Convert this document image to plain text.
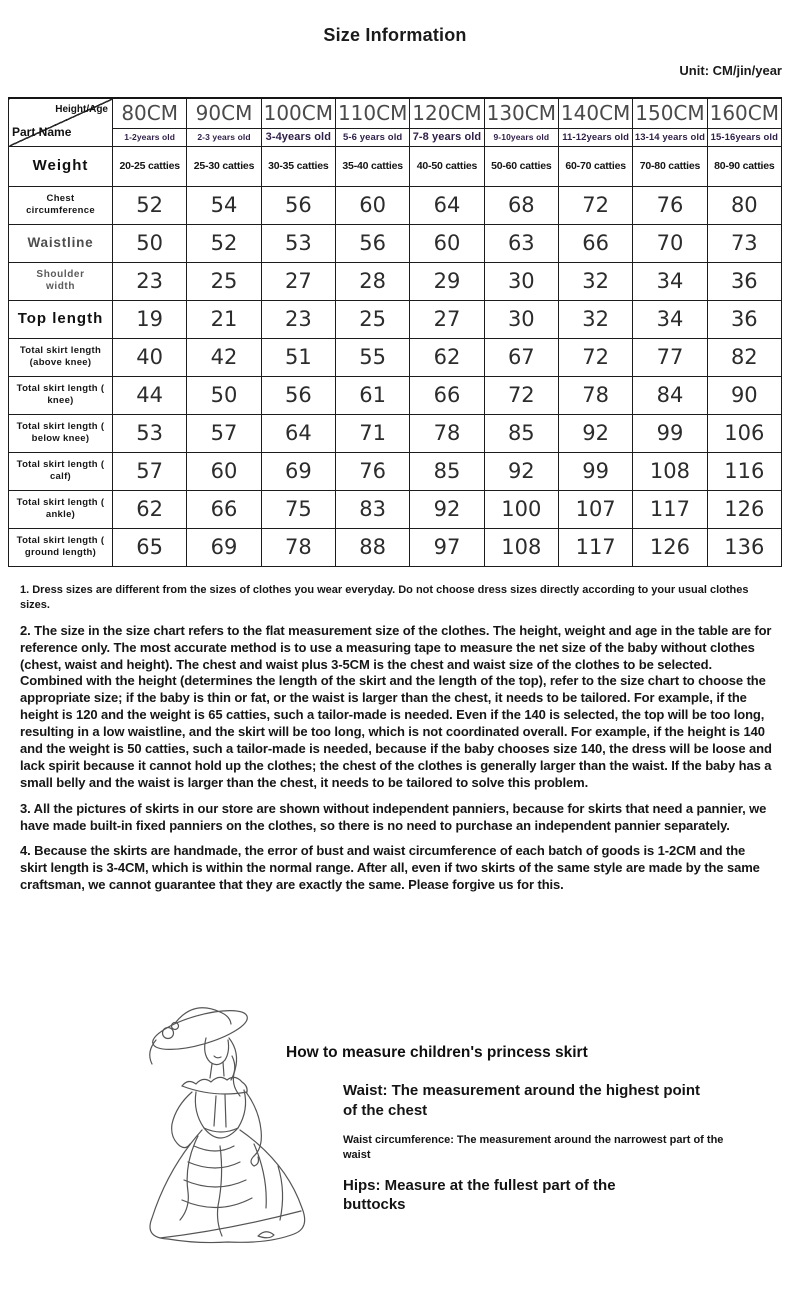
Size Information
Unit: CM/jin/year
Height/Age
Part Name	80CM	90CM	100CM	110CM	120CM	130CM	140CM	150CM	160CM
	1-2years old	2-3 years old	3-4years old	5-6 years old	7-8 years old	9-10years old	11-12years old	13-14 years old	15-16years old
Weight	20-25 catties	25-30 catties	30-35 catties	35-40 catties	40-50 catties	50-60 catties	60-70 catties	70-80 catties	80-90 catties
Chest
circumference	52	54	56	60	64	68	72	76	80
Waistline	50	52	53	56	60	63	66	70	73
Shoulder
width	23	25	27	28	29	30	32	34	36
Top length	19	21	23	25	27	30	32	34	36
Total skirt length
(above knee)	40	42	51	55	62	67	72	77	82
Total skirt length (
knee)	44	50	56	61	66	72	78	84	90
Total skirt length (
below knee)	53	57	64	71	78	85	92	99	106
Total skirt length (
calf)	57	60	69	76	85	92	99	108	116
Total skirt length (
ankle)	62	66	75	83	92	100	107	117	126
Total skirt length (
ground length)	65	69	78	88	97	108	117	126	136

1. Dress sizes are different from the sizes of clothes you wear everyday. Do not choose dress sizes directly according to your usual clothes sizes.

2. The size in the size chart refers to the flat measurement size of the clothes. The height, weight and age in the table are for reference only. The most accurate method is to use a measuring tape to measure the net size of the baby without clothes (chest, waist and height). The chest and waist plus 3-5CM is the chest and waist size of the clothes to be selected. Combined with the height (determines the length of the skirt and the length of the top), refer to the size chart to choose the appropriate size; if the baby is thin or fat, or the waist is larger than the chest, it needs to be tailored. For example, if the height is 120 and the weight is 65 catties, such a tailor-made is needed. Even if the 140 is selected, the top will be too long, resulting in a low waistline, and the skirt will be too long, which is not coordinated overall. For example, if the height is 140 and the weight is 50 catties, such a tailor-made is needed, because if the baby chooses size 140, the dress will be loose and lack spirit because it cannot hold up the clothes; the chest of the clothes is generally larger than the waist. If the baby has a small belly and the waist is larger than the chest, it needs to be tailored to solve this problem.

3. All the pictures of skirts in our store are shown without independent panniers, because for skirts that need a pannier, we have made built-in fixed panniers on the clothes, so there is no need to purchase an independent pannier separately.

4. Because the skirts are handmade, the error of bust and waist circumference of each batch of goods is 1-2CM and the skirt length is 3-4CM, which is within the normal range. After all, even if two skirts of the same style are made by the same craftsman, we cannot guarantee that they are exactly the same. Please forgive us for this.

How to measure children's princess skirt
Waist: The measurement around the highest point of the chest
Waist circumference: The measurement around the narrowest part of the waist
Hips: Measure at the fullest part of the buttocks
